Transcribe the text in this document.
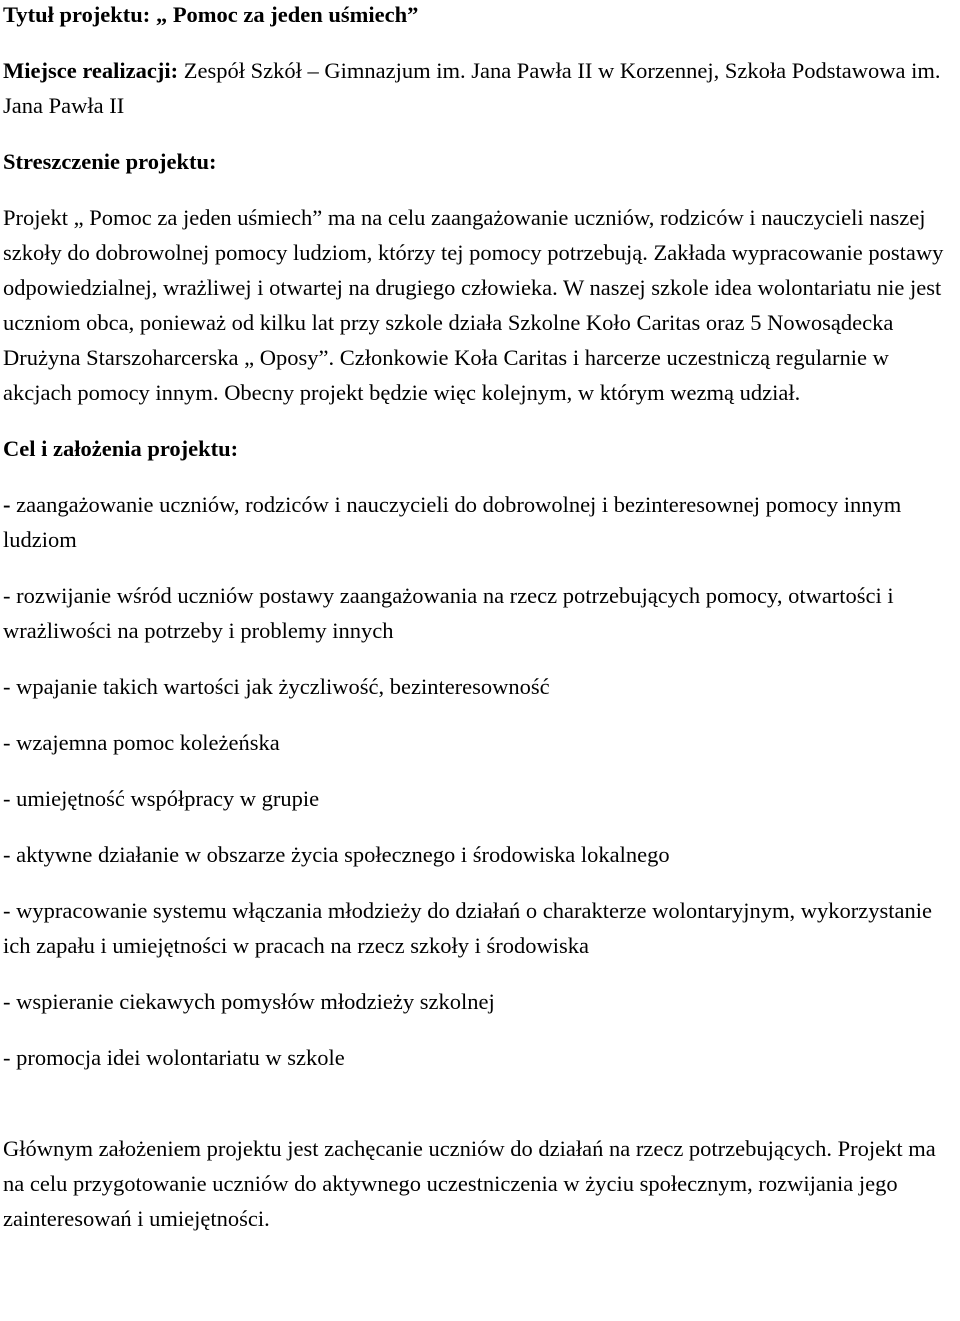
Tytuł projektu: „ Pomoc za jeden uśmiech”

Miejsce realizacji: Zespół Szkół – Gimnazjum im. Jana Pawła II w Korzennej, Szkoła Podstawowa im. Jana Pawła II

Streszczenie projektu:

Projekt „ Pomoc za jeden uśmiech” ma na celu zaangażowanie uczniów, rodziców i nauczycieli naszej szkoły do dobrowolnej pomocy ludziom, którzy tej pomocy potrzebują. Zakłada wypracowanie postawy odpowiedzialnej, wrażliwej i otwartej na drugiego człowieka. W naszej szkole idea wolontariatu nie jest uczniom obca, ponieważ od kilku lat przy szkole działa Szkolne Koło Caritas oraz 5 Nowosądecka Drużyna Starszoharcerska „ Oposy”. Członkowie Koła Caritas i harcerze uczestniczą regularnie w akcjach pomocy innym. Obecny projekt będzie więc kolejnym, w którym wezmą udział.

Cel i założenia projektu:

- zaangażowanie uczniów, rodziców i nauczycieli do dobrowolnej i bezinteresownej pomocy innym ludziom

- rozwijanie wśród uczniów postawy zaangażowania na rzecz potrzebujących pomocy, otwartości i wrażliwości na potrzeby i problemy innych

- wpajanie takich wartości jak życzliwość, bezinteresowność

- wzajemna pomoc koleżeńska

- umiejętność współpracy w grupie

- aktywne działanie w obszarze życia społecznego i środowiska lokalnego

- wypracowanie systemu włączania młodzieży do działań o charakterze wolontaryjnym, wykorzystanie ich zapału i umiejętności w pracach na rzecz szkoły i środowiska

- wspieranie ciekawych pomysłów młodzieży szkolnej

- promocja idei wolontariatu w szkole

Głównym założeniem projektu jest zachęcanie uczniów do działań na rzecz potrzebujących. Projekt ma na celu przygotowanie uczniów do aktywnego uczestniczenia w życiu społecznym, rozwijania jego zainteresowań i umiejętności.
